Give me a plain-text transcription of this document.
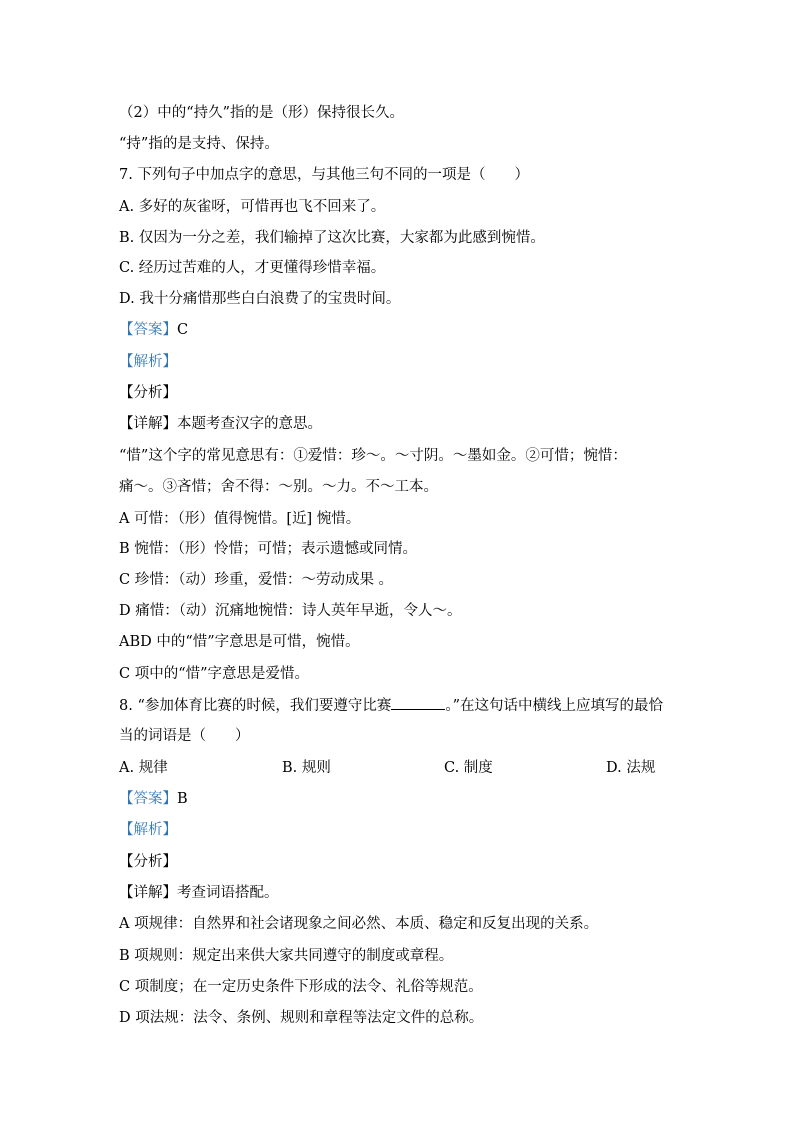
（2）中的“持久”指的是（形）保持很长久。
“持”指的是支持、保持。
7. 下列句子中加点字的意思，与其他三句不同的一项是（　　）
A. 多好的灰雀呀，可惜再也飞不回来了。
B. 仅因为一分之差，我们输掉了这次比赛，大家都为此感到惋惜。
C. 经历过苦难的人，才更懂得珍惜幸福。
D. 我十分痛惜那些白白浪费了的宝贵时间。
【答案】C
【解析】
【分析】
【详解】本题考查汉字的意思。
“惜”这个字的常见意思有：①爱惜：珍～。～寸阴。～墨如金。②可惜；惋惜：
痛～。③吝惜；舍不得：～别。～力。不～工本。
A 可惜：（形）值得惋惜。[近] 惋惜。
B 惋惜：（形）怜惜；可惜；表示遗憾或同情。
C 珍惜：（动）珍重，爱惜：～劳动成果 。
D 痛惜：（动）沉痛地惋惜：诗人英年早逝，令人～。
ABD 中的“惜”字意思是可惜，惋惜。
C 项中的“惜”字意思是爱惜。
8. “参加体育比赛的时候，我们要遵守比赛	。”在这句话中横线上应填写的最恰
当的词语是（　　）
A. 规律	B. 规则	C. 制度	D. 法规
【答案】B
【解析】
【分析】
【详解】考查词语搭配。
A 项规律：自然界和社会诸现象之间必然、本质、稳定和反复出现的关系。
B 项规则：规定出来供大家共同遵守的制度或章程。
C 项制度；在一定历史条件下形成的法令、礼俗等规范。
D 项法规：法令、条例、规则和章程等法定文件的总称。
